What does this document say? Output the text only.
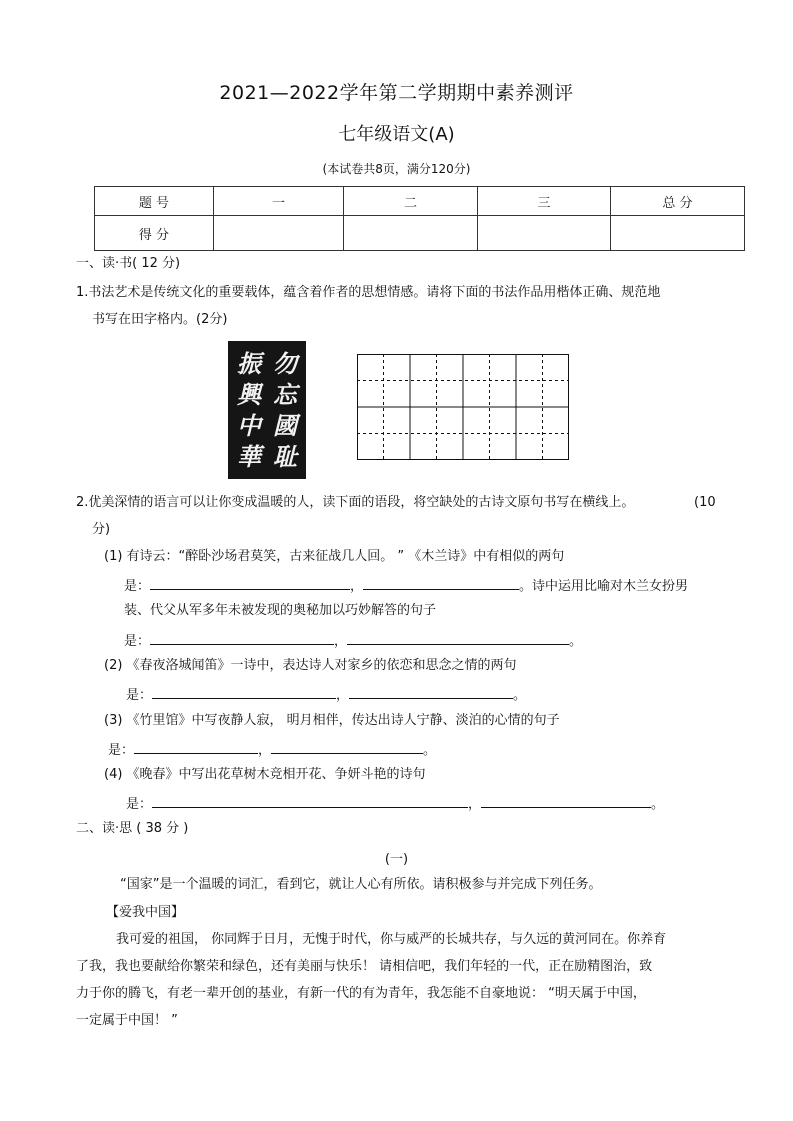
2021—2022学年第二学期期中素养测评
七年级语文(A)
(本试卷共8页，满分120分)
题 号	一	二	三	总 分
得 分				
一、读·书( 12 分)
1.书法艺术是传统文化的重要载体，蕴含着作者的思想情感。请将下面的书法作品用楷体正确、规范地
书写在田字格内。(2分)
勿
忘
國
耻
振
興
中
華
2.优美深情的语言可以让你变成温暖的人，读下面的语段，将空缺处的古诗文原句书写在横线上。	(10
分)
(1) 有诗云：“醉卧沙场君莫笑，古来征战几人回。 ” 《木兰诗》中有相似的两句
是：	，	。诗中运用比喻对木兰女扮男
装、代父从军多年未被发现的奥秘加以巧妙解答的句子
是：	，	。
(2) 《春夜洛城闻笛》一诗中，表达诗人对家乡的依恋和思念之情的两句
是：	，	。
(3) 《竹里馆》中写夜静人寂， 明月相伴，传达出诗人宁静、淡泊的心情的句子
是：	，	。
(4) 《晚春》中写出花草树木竞相开花、争妍斗艳的诗句
是：	，	。
二、读·思 ( 38 分 )
(一)
“国家”是一个温暖的词汇，看到它，就让人心有所依。请积极参与并完成下列任务。
【爱我中国】
我可爱的祖国， 你同辉于日月，无愧于时代，你与威严的长城共存，与久远的黄河同在。你养育
了我，我也要献给你繁荣和绿色，还有美丽与快乐！ 请相信吧，我们年轻的一代，正在励精图治，致
力于你的腾飞，有老一辈开创的基业，有新一代的有为青年，我怎能不自豪地说： “明天属于中国，
一定属于中国！ ”
